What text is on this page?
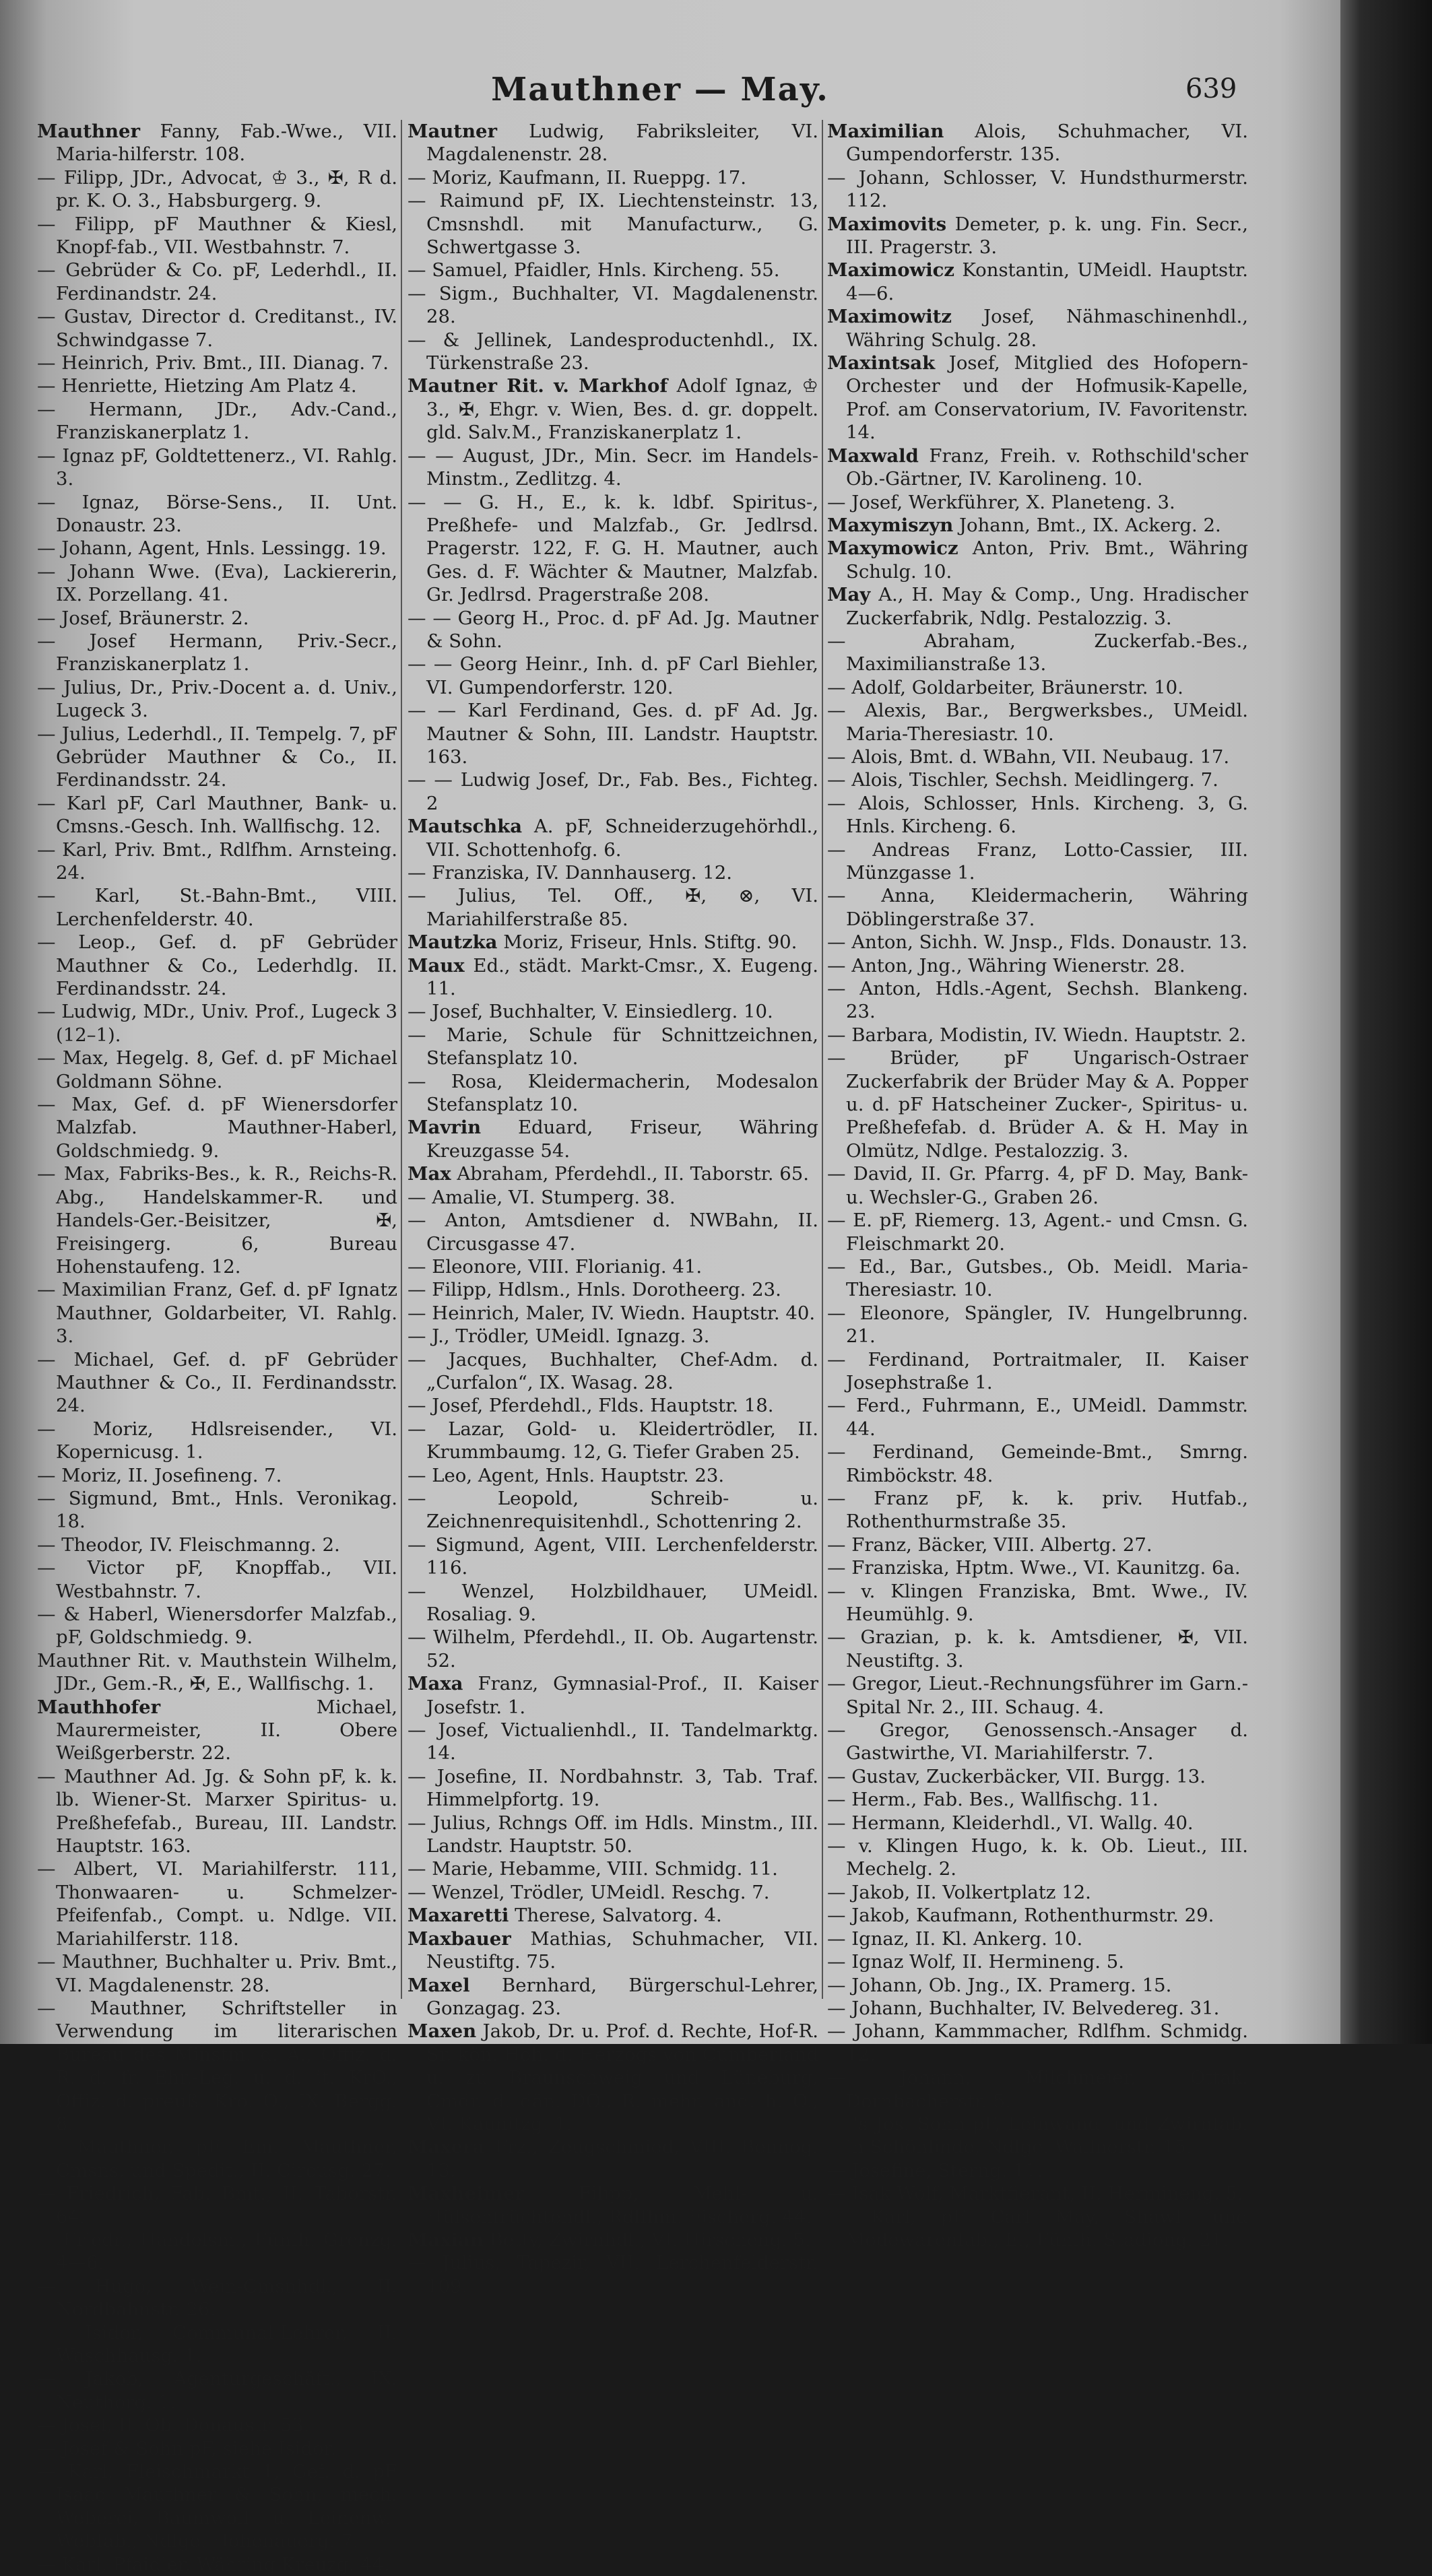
Mauthner — May.	639

Mauthner Fanny, Fab.-Wwe., VII. Maria-hilferstr. 108.

— Filipp, JDr., Advocat, ♔ 3., ✠, R d. pr. K. O. 3., Habsburgerg. 9.

— Filipp, pF Mauthner & Kiesl, Knopf-fab., VII. Westbahnstr. 7.

— Gebrüder & Co. pF, Lederhdl., II. Ferdinandstr. 24.

— Gustav, Director d. Creditanst., IV. Schwindgasse 7.

— Heinrich, Priv. Bmt., III. Dianag. 7.

— Henriette, Hietzing Am Platz 4.

— Hermann, JDr., Adv.-Cand., Franziskanerplatz 1.

— Ignaz pF, Goldtettenerz., VI. Rahlg. 3.

— Ignaz, Börse-Sens., II. Unt. Donaustr. 23.

— Johann, Agent, Hnls. Lessingg. 19.

— Johann Wwe. (Eva), Lackiererin, IX. Porzellang. 41.

— Josef, Bräunerstr. 2.

— Josef Hermann, Priv.-Secr., Franziskanerplatz 1.

— Julius, Dr., Priv.-Docent a. d. Univ., Lugeck 3.

— Julius, Lederhdl., II. Tempelg. 7, pF Gebrüder Mauthner & Co., II. Ferdinandsstr. 24.

— Karl pF, Carl Mauthner, Bank- u. Cmsns.-Gesch. Inh. Wallfischg. 12.

— Karl, Priv. Bmt., Rdlfhm. Arnsteing. 24.

— Karl, St.-Bahn-Bmt., VIII. Lerchenfelderstr. 40.

— Leop., Gef. d. pF Gebrüder Mauthner & Co., Lederhdlg. II. Ferdinandsstr. 24.

— Ludwig, MDr., Univ. Prof., Lugeck 3 (12–1).

— Max, Hegelg. 8, Gef. d. pF Michael Goldmann Söhne.

— Max, Gef. d. pF Wienersdorfer Malzfab. Mauthner-Haberl, Goldschmiedg. 9.

— Max, Fabriks-Bes., k. R., Reichs-R. Abg., Handelskammer-R. und Handels-Ger.-Beisitzer, ✠, Freisingerg. 6, Bureau Hohenstaufeng. 12.

— Maximilian Franz, Gef. d. pF Ignatz Mauthner, Goldarbeiter, VI. Rahlg. 3.

— Michael, Gef. d. pF Gebrüder Mauthner & Co., II. Ferdinandsstr. 24.

— Moriz, Hdlsreisender., VI. Kopernicusg. 1.

— Moriz, II. Josefineng. 7.

— Sigmund, Bmt., Hnls. Veronikag. 18.

— Theodor, IV. Fleischmanng. 2.

— Victor pF, Knopffab., VII. Westbahnstr. 7.

— & Haberl, Wienersdorfer Malzfab., pF, Goldschmiedg. 9.

Mauthner Rit. v. Mauthstein Wilhelm, JDr., Gem.-R., ✠, E., Wallfischg. 1.

Mauthhofer	Michael, Maurermeister, II. Obere Weißgerberstr. 22.

— Mauthner Ad. Jg. & Sohn pF, k. k. lb. Wiener-St. Marxer Spiritus- u. Preßhefefab., Bureau, III. Landstr. Hauptstr. 163.

— Albert, VI. Mariahilferstr. 111, Thonwaaren- u. Schmelzer-Pfeifenfab., Compt. u. Ndlge. VII. Mariahilferstr. 118.

— Mauthner, Buchhalter u. Priv. Bmt., VI. Magdalenenstr. 28.

— Mauthner, Schriftsteller in Verwendung im literarischen Bureau des Minstm. d. A., Offiz. d. R. d. fr. Ehr.-Leg. u. d. it. KrO., Offiz. d. preuß. Kro. O., IX. Bergg. 8.

— Mauthner, pF Em. Mauthner, Cmsns. und Spedit., II. Circusg. 27.

— Friedrich, Fab. Bmt., II. Taborstr. 64.

— Friedr., Handelsm., Fünfh. Grenzg. 4—6.

— Hugo, Wein-Cmsnhdl., II. Nordbahnstr. 26.

— Isidor, Communal-Lehrer, II. Waschhausg. 1.

— Jakob, Agenturgeschäft., IX. Neuthorg. 1.

— Josef, II. Ob. Donaustr. 53.

— Josef & Sohn pF, siehe Isidor.

— Karl, Fleischmarkt 1, Gef. d. pF Isaac Mauthner & Sohn, mech. Weberei, Baumwoll- u. Leinenw.-Webfab., Ndlge. Hohenauerg. 7.

— Karl, Pfaidler, Währing Kreuzg. 44.

Mautner Ludwig, Fabriksleiter, VI. Magdalenenstr. 28.

— Moriz, Kaufmann, II. Rueppg. 17.

— Raimund pF, IX. Liechtensteinstr. 13, Cmsnshdl. mit Manufacturw., G. Schwertgasse 3.

— Samuel, Pfaidler, Hnls. Kircheng. 55.

— Sigm., Buchhalter, VI. Magdalenenstr. 28.

— & Jellinek, Landesproductenhdl., IX. Türkenstraße 23.

Mautner Rit. v. Markhof Adolf Ignaz, ♔ 3., ✠, Ehgr. v. Wien, Bes. d. gr. doppelt. gld. Salv.M., Franziskanerplatz 1.

— — August, JDr., Min. Secr. im Handels-Minstm., Zedlitzg. 4.

— — G. H., E., k. k. ldbf. Spiritus-, Preßhefe- und Malzfab., Gr. Jedlrsd. Pragerstr. 122, F. G. H. Mautner, auch Ges. d. F. Wächter & Mautner, Malzfab. Gr. Jedlrsd. Pragerstraße 208.

— — Georg H., Proc. d. pF Ad. Jg. Mautner & Sohn.

— — Georg Heinr., Inh. d. pF Carl Biehler, VI. Gumpendorferstr. 120.

— — Karl Ferdinand, Ges. d. pF Ad. Jg. Mautner & Sohn, III. Landstr. Hauptstr. 163.

— — Ludwig Josef, Dr., Fab. Bes., Fichteg. 2

Mautschka A. pF, Schneiderzugehörhdl., VII. Schottenhofg. 6.

— Franziska, IV. Dannhauserg. 12.

— Julius, Tel. Off., ✠, ⊗, VI. Mariahilferstraße 85.

Mautzka Moriz, Friseur, Hnls. Stiftg. 90.

Maux Ed., städt. Markt-Cmsr., X. Eugeng. 11.

— Josef, Buchhalter, V. Einsiedlerg. 10.

— Marie, Schule für Schnittzeichnen, Stefansplatz 10.

— Rosa, Kleidermacherin, Modesalon Stefansplatz 10.

Mavrin Eduard, Friseur, Währing Kreuzgasse 54.

Max Abraham, Pferdehdl., II. Taborstr. 65.

— Amalie, VI. Stumperg. 38.

— Anton, Amtsdiener d. NWBahn, II. Circusgasse 47.

— Eleonore, VIII. Florianig. 41.

— Filipp, Hdlsm., Hnls. Dorotheerg. 23.

— Heinrich, Maler, IV. Wiedn. Hauptstr. 40.

— J., Trödler, UMeidl. Ignazg. 3.

— Jacques, Buchhalter, Chef-Adm. d. „Curfalon“, IX. Wasag. 28.

— Josef, Pferdehdl., Flds. Hauptstr. 18.

— Lazar, Gold- u. Kleidertrödler, II. Krummbaumg. 12, G. Tiefer Graben 25.

— Leo, Agent, Hnls. Hauptstr. 23.

— Leopold, Schreib- u. Zeichnenrequisitenhdl., Schottenring 2.

— Sigmund, Agent, VIII. Lerchenfelderstr. 116.

— Wenzel, Holzbildhauer, UMeidl. Rosaliag. 9.

— Wilhelm, Pferdehdl., II. Ob. Augartenstr. 52.

Maxa Franz, Gymnasial-Prof., II. Kaiser Josefstr. 1.

— Josef, Victualienhdl., II. Tandelmarktg. 14.

— Josefine, II. Nordbahnstr. 3, Tab. Traf. Himmelpfortg. 19.

— Julius, Rchngs Off. im Hdls. Minstm., III. Landstr. Hauptstr. 50.

— Marie, Hebamme, VIII. Schmidg. 11.

— Wenzel, Trödler, UMeidl. Reschg. 7.

Maxaretti Therese, Salvatorg. 4.

Maxbauer Mathias, Schuhmacher, VII. Neustiftg. 75.

Maxel Bernhard, Bürgerschul-Lehrer, Gonzagag. 23.

Maxen Jakob, Dr. u. Prof. d. Rechte, Hof-R. Sr. kön. Hoh. d. Herzogs von Cumberland u. zu Braunschweig und Lüneburg, Cmdr. d. dän. DO., R. mehr. and. h. O., VI. Kaunitzg. 1.

Maxera Frz., Zeugschmied, VIII. Bennog. 13.

Maxheimer	Filipp, Mehl- u. Hülsenfrüchtehdl., Rdlfhm. Fischerg. 44.

Maxian Betty, Zwirnhdl., VI. Hirscheng. 5.

— Julius, Tapezir, VII. Lerchenfelderstr. 109.

Maximilian Alois, Schuhmacher, VI. Gumpendorferstr. 135.

— Johann, Schlosser, V. Hundsthurmerstr. 112.

Maximovits Demeter, p. k. ung. Fin. Secr., III. Pragerstr. 3.

Maximowicz Konstantin, UMeidl. Hauptstr. 4—6.

Maximowitz Josef, Nähmaschinenhdl., Währing Schulg. 28.

Maxintsak Josef, Mitglied des Hofopern-Orchester und der Hofmusik-Kapelle, Prof. am Conservatorium, IV. Favoritenstr. 14.

Maxwald Franz, Freih. v. Rothschild'scher Ob.-Gärtner, IV. Karolineng. 10.

— Josef, Werkführer, X. Planeteng. 3.

Maxymiszyn Johann, Bmt., IX. Ackerg. 2.

Maxymowicz Anton, Priv. Bmt., Währing Schulg. 10.

May A., H. May & Comp., Ung. Hradischer Zuckerfabrik, Ndlg. Pestalozzig. 3.

— Abraham, Zuckerfab.-Bes., Maximilianstraße 13.

— Adolf, Goldarbeiter, Bräunerstr. 10.

— Alexis, Bar., Bergwerksbes., UMeidl. Maria-Theresiastr. 10.

— Alois, Bmt. d. WBahn, VII. Neubaug. 17.

— Alois, Tischler, Sechsh. Meidlingerg. 7.

— Alois, Schlosser, Hnls. Kircheng. 3, G. Hnls. Kircheng. 6.

— Andreas Franz, Lotto-Cassier, III. Münzgasse 1.

— Anna, Kleidermacherin, Währing Döblingerstraße 37.

— Anton, Sichh. W. Jnsp., Flds. Donaustr. 13.

— Anton, Jng., Währing Wienerstr. 28.

— Anton, Hdls.-Agent, Sechsh. Blankeng. 23.

— Barbara, Modistin, IV. Wiedn. Hauptstr. 2.

— Brüder, pF Ungarisch-Ostraer Zuckerfabrik der Brüder May & A. Popper u. d. pF Hatscheiner Zucker-, Spiritus- u. Preßhefefab. d. Brüder A. & H. May in Olmütz, Ndlge. Pestalozzig. 3.

— David, II. Gr. Pfarrg. 4, pF D. May, Bank- u. Wechsler-G., Graben 26.

— E. pF, Riemerg. 13, Agent.- und Cmsn. G. Fleischmarkt 20.

— Ed., Bar., Gutsbes., Ob. Meidl. Maria-Theresiastr. 10.

— Eleonore, Spängler, IV. Hungelbrunng. 21.

— Ferdinand, Portraitmaler, II. Kaiser Josephstraße 1.

— Ferd., Fuhrmann, E., UMeidl. Dammstr. 44.

— Ferdinand, Gemeinde-Bmt., Smrng. Rimböckstr. 48.

— Franz pF, k. k. priv. Hutfab., Rothenthurmstraße 35.

— Franz, Bäcker, VIII. Albertg. 27.

— Franziska, Hptm. Wwe., VI. Kaunitzg. 6a.

— v. Klingen Franziska, Bmt. Wwe., IV. Heumühlg. 9.

— Grazian, p. k. k. Amtsdiener, ✠, VII. Neustiftg. 3.

— Gregor, Lieut.-Rechnungsführer im Garn.-Spital Nr. 2., III. Schaug. 4.

— Gregor, Genossensch.-Ansager d. Gastwirthe, VI. Mariahilferstr. 7.

— Gustav, Zuckerbäcker, VII. Burgg. 13.

— Herm., Fab. Bes., Wallfischg. 11.

— Hermann, Kleiderhdl., VI. Wallg. 40.

— v. Klingen Hugo, k. k. Ob. Lieut., III. Mechelg. 2.

— Jakob, II. Volkertplatz 12.

— Jakob, Kaufmann, Rothenthurmstr. 29.

— Ignaz, II. Kl. Ankerg. 10.

— Ignaz Wolf, II. Hermineng. 5.

— Johann, Ob. Jng., IX. Pramerg. 15.

— Johann, Buchhalter, IV. Belvedereg. 31.

— Johann, Kammmacher, Rdlfhm. Schmidg. 12.

— Johann, Milchmeier, Ottak. Dornbacherstr. 5.

— 's Jos. Sohn pF, Leinwand- und Zwirnfab. in Schönlinde, Ndlge. Wallnerstr. 15.

— Josefine, Sterng. 11.

— Isak Wolf, Marktfierant, II. Hermineng. 5.

— Karl, pF Carl May, Shawl- und Modewarenfab., E., Fünfh. Stadiong. 21.
